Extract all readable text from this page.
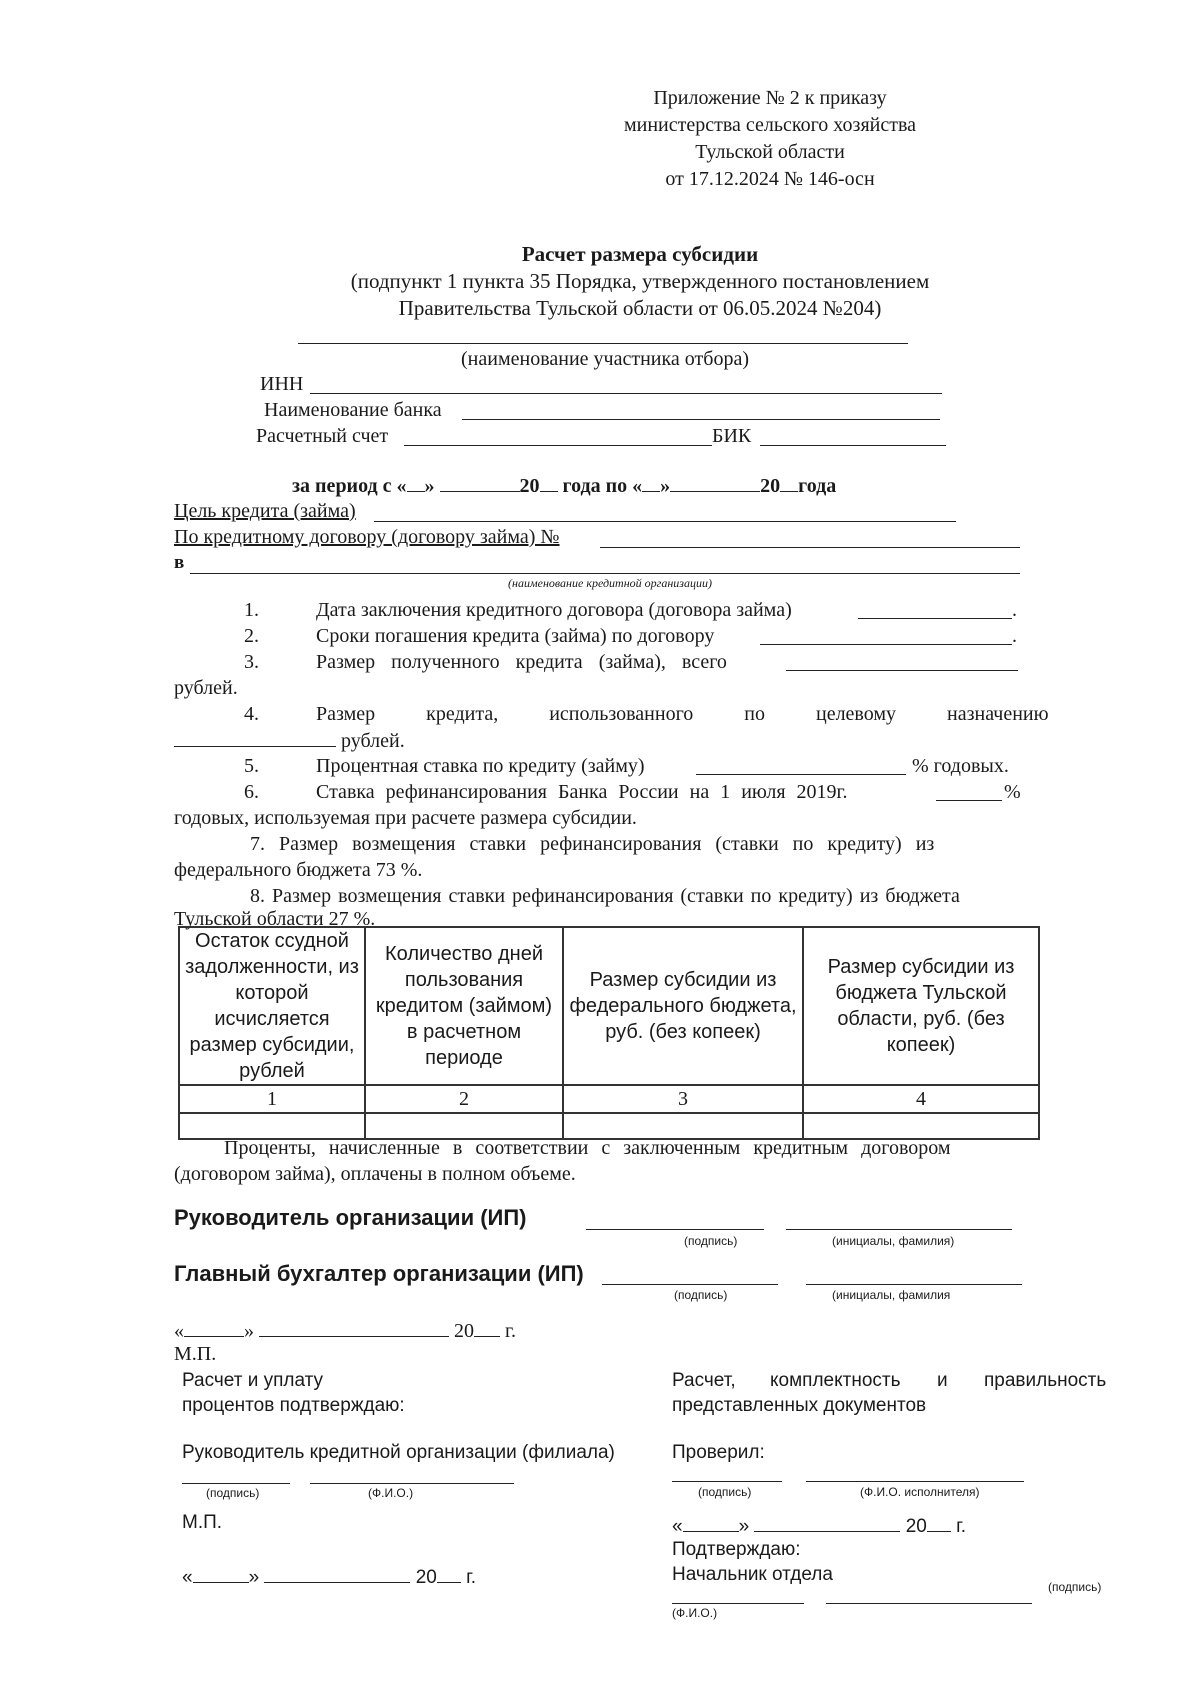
Приложение № 2 к приказу
министерства сельского хозяйства
Тульской области
от 17.12.2024 № 146-осн
Расчет размера субсидии
(подпункт 1 пункта 35 Порядка, утвержденного постановлением
Правительства Тульской области от 06.05.2024 №204)
(наименование участника отбора)
ИНН
Наименование банка
Расчетный счет	БИК
за период с « »	20 года по « »	20 года
Цель кредита (займа)
По кредитному договору (договору займа) №
в
(наименование кредитной организации)
1.	Дата заключения кредитного договора (договора займа)	.
2.	Сроки погашения кредита (займа) по договору	.
3.	Размер полученного кредита (займа), всего
рублей.
4.	Размер кредита, использованного по целевому назначению
рублей.
5.	Процентная ставка по кредиту (займу)	% годовых.
6.	Ставка рефинансирования Банка России на 1 июля 2019г.	%
годовых, используемая при расчете размера субсидии.
7. Размер возмещения ставки рефинансирования (ставки по кредиту) из
федерального бюджета 73 %.
8. Размер возмещения ставки рефинансирования (ставки по кредиту) из бюджета
Тульской области 27 %.
Остаток ссудной задолженности, из которой исчисляется размер субсидии, рублей	Количество дней пользования кредитом (займом) в расчетном периоде	Размер субсидии из федерального бюджета, руб. (без копеек)	Размер субсидии из бюджета Тульской области, руб. (без копеек)
1	2	3	4

Проценты, начисленные в соответствии с заключенным кредитным договором
(договором займа), оплачены в полном объеме.
Руководитель организации (ИП)
(подпись)	(инициалы, фамилия)
Главный бухгалтер организации (ИП)
(подпись)	(инициалы, фамилия
«	»	20 г.
М.П.
Расчет и уплату
процентов подтверждаю:
Руководитель кредитной организации (филиала)
(подпись)	(Ф.И.О.)
М.П.
«	»	20 г.
Расчет, комплектность и правильность
представленных документов
Проверил:
(подпись)	(Ф.И.О. исполнителя)
«	»	20 г.
Подтверждаю:
Начальник отдела
(подпись)
(Ф.И.О.)
